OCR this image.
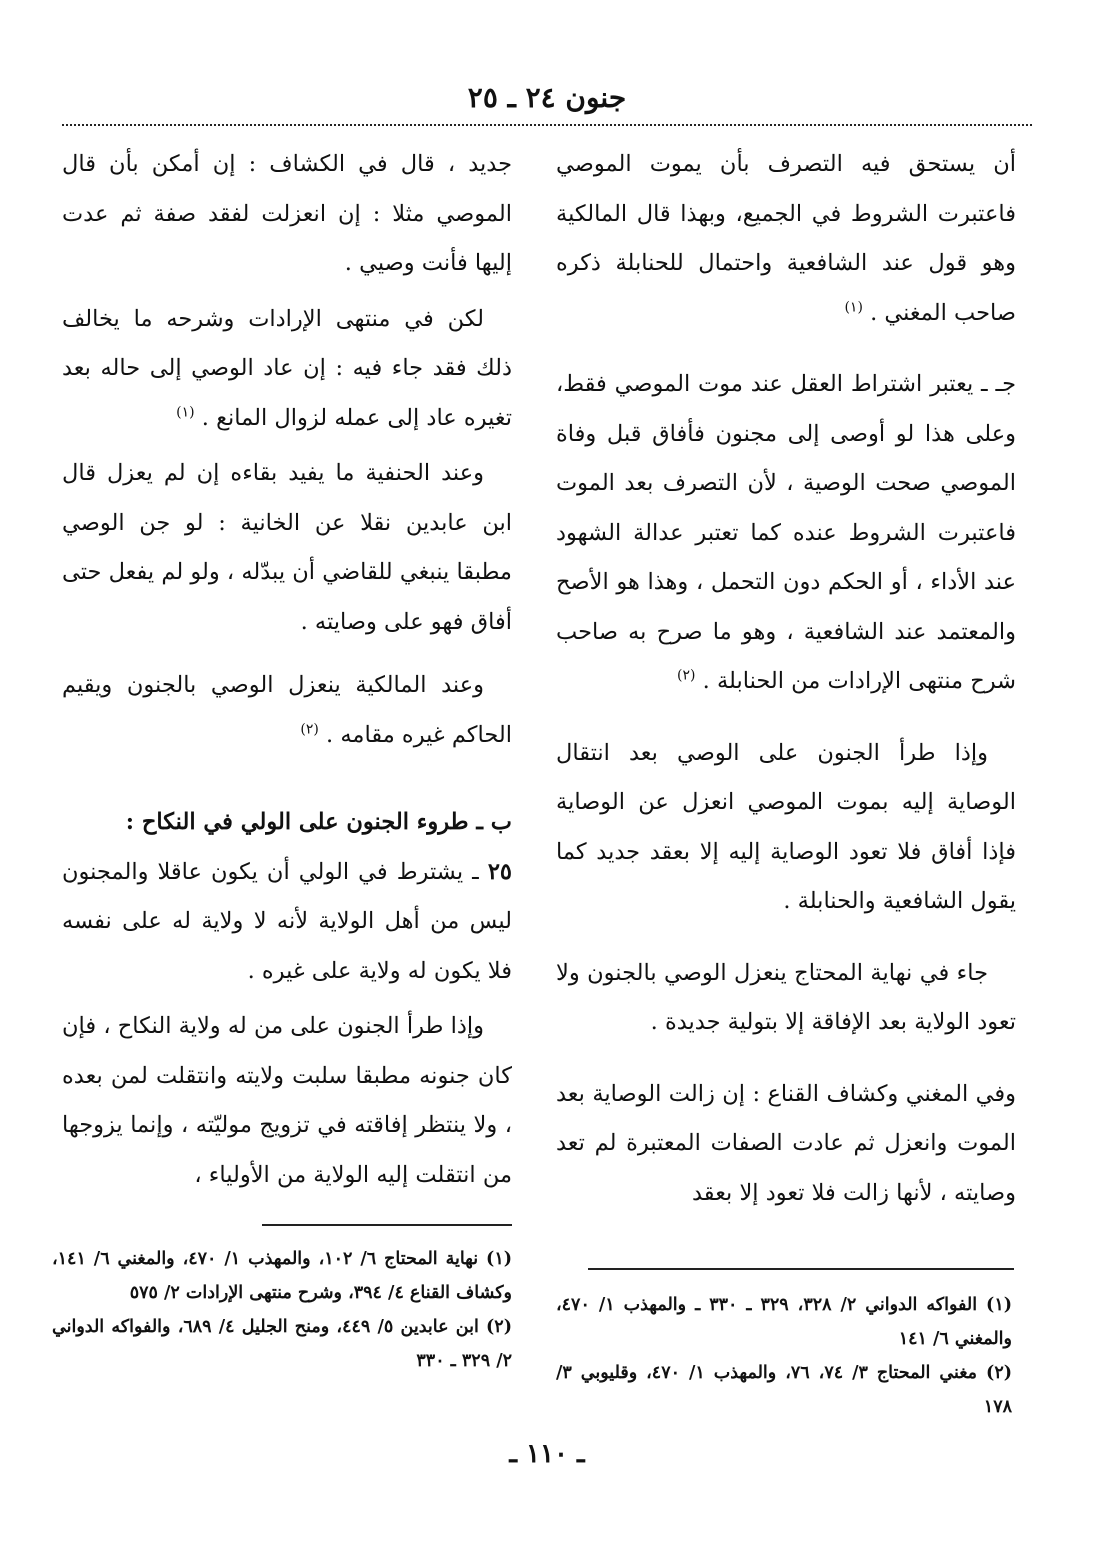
جنون ٢٤ ـ ٢٥

أن يستحق فيه التصرف بأن يموت الموصي فاعتبرت الشروط في الجميع، وبهذا قال المالكية وهو قول عند الشافعية واحتمال للحنابلة ذكره صاحب المغني . $^{(١)}$

جـ ـ يعتبر اشتراط العقل عند موت الموصي فقط، وعلى هذا لو أوصى إلى مجنون فأفاق قبل وفاة الموصي صحت الوصية ، لأن التصرف بعد الموت فاعتبرت الشروط عنده كما تعتبر عدالة الشهود عند الأداء ، أو الحكم دون التحمل ، وهذا هو الأصح والمعتمد عند الشافعية ، وهو ما صرح به صاحب شرح منتهى الإرادات من الحنابلة . $^{(٢)}$

وإذا طرأ الجنون على الوصي بعد انتقال الوصاية إليه بموت الموصي انعزل عن الوصاية فإذا أفاق فلا تعود الوصاية إليه إلا بعقد جديد كما يقول الشافعية والحنابلة .

جاء في نهاية المحتاج ينعزل الوصي بالجنون ولا تعود الولاية بعد الإفاقة إلا بتولية جديدة .

وفي المغني وكشاف القناع : إن زالت الوصاية بعد الموت وانعزل ثم عادت الصفات المعتبرة لم تعد وصايته ، لأنها زالت فلا تعود إلا بعقد

جديد ، قال في الكشاف : إن أمكن بأن قال الموصي مثلا : إن انعزلت لفقد صفة ثم عدت إليها فأنت وصيي .

لكن في منتهى الإرادات وشرحه ما يخالف ذلك فقد جاء فيه : إن عاد الوصي إلى حاله بعد تغيره عاد إلى عمله لزوال المانع . $^{(١)}$

وعند الحنفية ما يفيد بقاءه إن لم يعزل قال ابن عابدين نقلا عن الخانية : لو جن الوصي مطبقا ينبغي للقاضي أن يبدّله ، ولو لم يفعل حتى أفاق فهو على وصايته .

وعند المالكية ينعزل الوصي بالجنون ويقيم الحاكم غيره مقامه . $^{(٢)}$

ب ـ طروء الجنون على الولي في النكاح :

٢٥ ـ يشترط في الولي أن يكون عاقلا والمجنون ليس من أهل الولاية لأنه لا ولاية له على نفسه فلا يكون له ولاية على غيره .

وإذا طرأ الجنون على من له ولاية النكاح ، فإن كان جنونه مطبقا سلبت ولايته وانتقلت لمن بعده ، ولا ينتظر إفاقته في تزويج موليّته ، وإنما يزوجها من انتقلت إليه الولاية من الأولياء ،

(١) الفواكه الدواني ٢/ ٣٢٨، ٣٢٩ ـ ٣٣٠ ـ والمهذب ١/ ٤٧٠، والمغني ٦/ ١٤١

(٢) مغني المحتاج ٣/ ٧٤، ٧٦، والمهذب ١/ ٤٧٠، وقليوبي ٣/ ١٧٨

(١) نهاية المحتاج ٦/ ١٠٢، والمهذب ١/ ٤٧٠، والمغني ٦/ ١٤١، وكشاف القناع ٤/ ٣٩٤، وشرح منتهى الإرادات ٢/ ٥٧٥

(٢) ابن عابدين ٥/ ٤٤٩، ومنح الجليل ٤/ ٦٨٩، والفواكه الدواني ٢/ ٣٢٩ ـ ٣٣٠

ـ ١١٠ ـ
